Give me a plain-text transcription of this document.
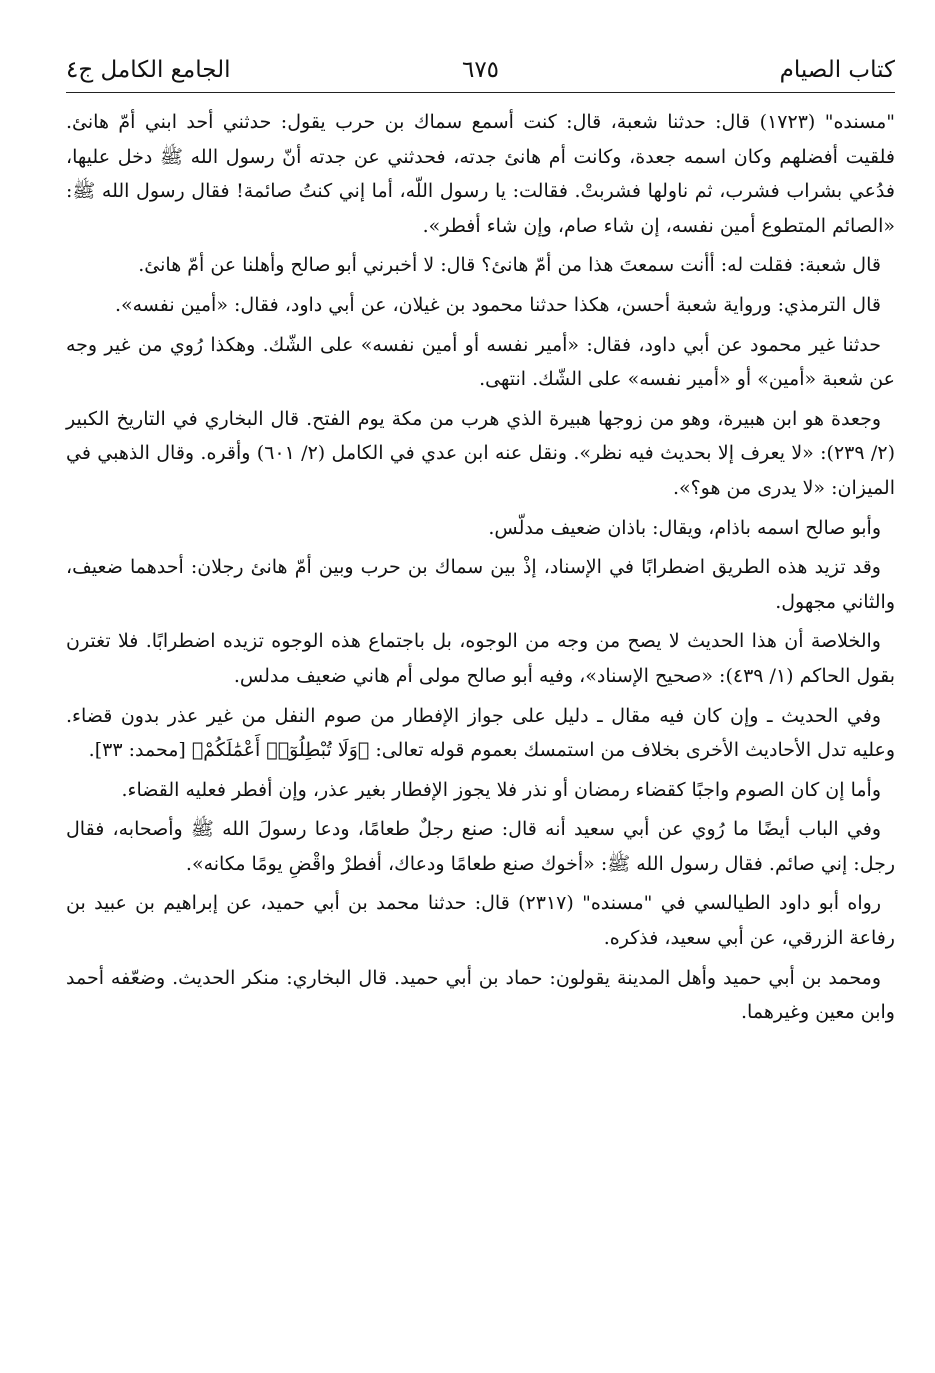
كتاب الصيام
٦٧٥
الجامع الكامل ج٤

"مسنده" (١٧٢٣) قال: حدثنا شعبة، قال: كنت أسمع سماك بن حرب يقول: حدثني أحد ابني أمّ هانئ. فلقيت أفضلهم وكان اسمه جعدة، وكانت أم هانئ جدته، فحدثني عن جدته أنّ رسول الله ﷺ دخل عليها، فدُعي بشراب فشرب، ثم ناولها فشربتْ. فقالت: يا رسول اللّه، أما إني كنتُ صائمة! فقال رسول الله ﷺ: «الصائم المتطوع أمين نفسه، إن شاء صام، وإن شاء أفطر».

قال شعبة: فقلت له: أأنت سمعتَ هذا من أمّ هانئ؟ قال: لا أخبرني أبو صالح وأهلنا عن أمّ هانئ.

قال الترمذي: ورواية شعبة أحسن، هكذا حدثنا محمود بن غيلان، عن أبي داود، فقال: «أمين نفسه».

حدثنا غير محمود عن أبي داود، فقال: «أمير نفسه أو أمين نفسه» على الشّك. وهكذا رُوي من غير وجه عن شعبة «أمين» أو «أمير نفسه» على الشّك. انتهى.

وجعدة هو ابن هبيرة، وهو من زوجها هبيرة الذي هرب من مكة يوم الفتح. قال البخاري في التاريخ الكبير (٢/ ٢٣٩): «لا يعرف إلا بحديث فيه نظر». ونقل عنه ابن عدي في الكامل (٢/ ٦٠١) وأقره. وقال الذهبي في الميزان: «لا يدرى من هو؟».

وأبو صالح اسمه باذام، ويقال: باذان ضعيف مدلّس.

وقد تزيد هذه الطريق اضطرابًا في الإسناد، إذْ بين سماك بن حرب وبين أمّ هانئ رجلان: أحدهما ضعيف، والثاني مجهول.

والخلاصة أن هذا الحديث لا يصح من وجه من الوجوه، بل باجتماع هذه الوجوه تزيده اضطرابًا. فلا تغترن بقول الحاكم (١/ ٤٣٩): «صحيح الإسناد»، وفيه أبو صالح مولى أم هاني ضعيف مدلس.

وفي الحديث ـ وإن كان فيه مقال ـ دليل على جواز الإفطار من صوم النفل من غير عذر بدون قضاء. وعليه تدل الأحاديث الأخرى بخلاف من استمسك بعموم قوله تعالى: ﴿وَلَا تُبْطِلُوٓا۟ أَعْمَٰلَكُمْ﴾ [محمد: ٣٣].

وأما إن كان الصوم واجبًا كقضاء رمضان أو نذر فلا يجوز الإفطار بغير عذر، وإن أفطر فعليه القضاء.

وفي الباب أيضًا ما رُوي عن أبي سعيد أنه قال: صنع رجلٌ طعامًا، ودعا رسولَ الله ﷺ وأصحابه، فقال رجل: إني صائم. فقال رسول الله ﷺ: «أخوك صنع طعامًا ودعاك، أفطرْ واقْضِ يومًا مكانه».

رواه أبو داود الطيالسي في "مسنده" (٢٣١٧) قال: حدثنا محمد بن أبي حميد، عن إبراهيم بن عبيد بن رفاعة الزرقي، عن أبي سعيد، فذكره.

ومحمد بن أبي حميد وأهل المدينة يقولون: حماد بن أبي حميد. قال البخاري: منكر الحديث. وضعّفه أحمد وابن معين وغيرهما.
